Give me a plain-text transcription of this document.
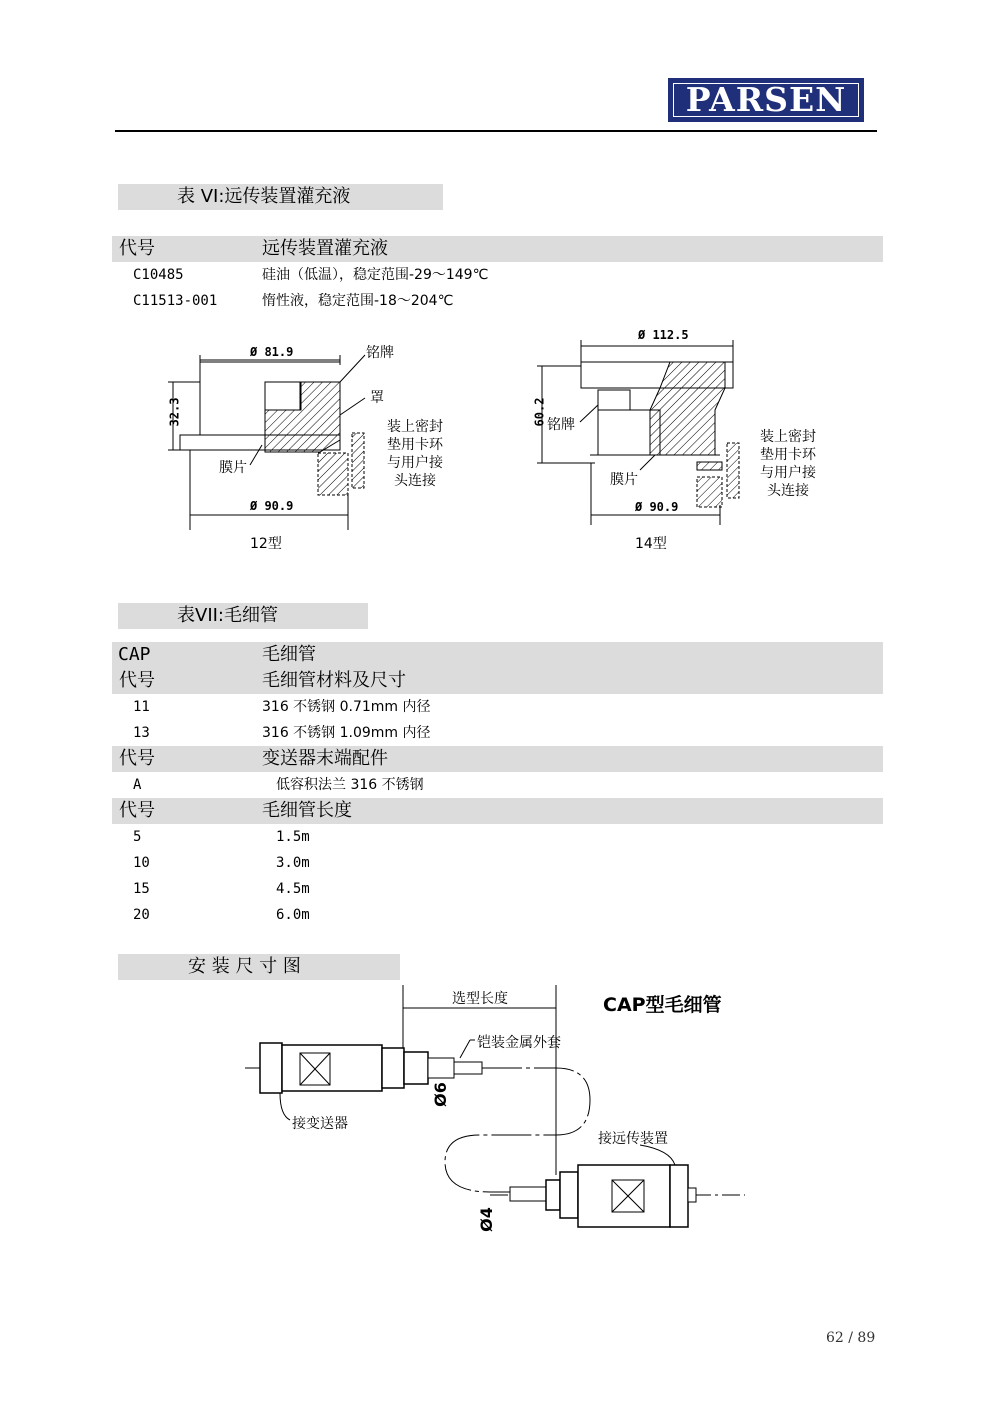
PARSEN
表 VI:远传装置灌充液
代号	远传装置灌充液
C10485	硅油（低温），稳定范围-29～149℃
C11513-001	惰性液，稳定范围-18～204℃
Ø 81.9
32.3
Ø 90.9
铭牌
罩
膜片
装上密封
垫用卡环
与用户接
头连接
12型
Ø 112.5
60.2
Ø 90.9
铭牌
膜片
装上密封
垫用卡环
与用户接
头连接
14型
表VII:毛细管
CAP	毛细管
代号	毛细管材料及尺寸
11	316 不锈钢 0.71mm 内径
13	316 不锈钢 1.09mm 内径
代号	变送器末端配件
A	低容积法兰 316 不锈钢
代号	毛细管长度
5	1.5m
10	3.0m
15	4.5m
20	6.0m
安 装 尺 寸 图
CAP型毛细管
选型长度
铠装金属外套
接变送器
接远传装置
Ø6
Ø4
62 / 89
